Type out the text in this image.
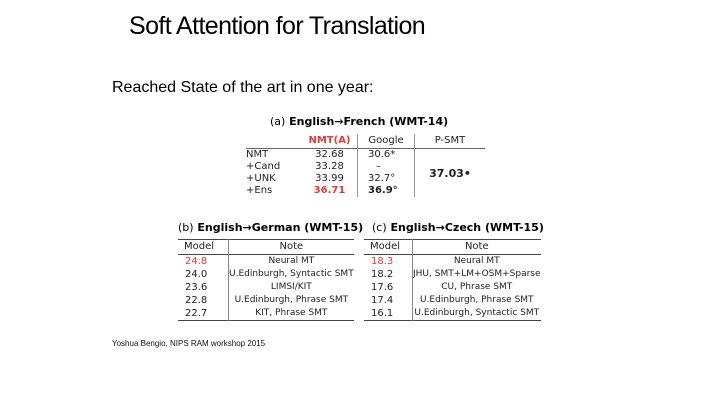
Soft Attention for Translation
Reached State of the art in one year:
(a) English→French (WMT-14)
	NMT(A)	Google	P-SMT
NMT	32.68	30.6*	37.03•
+Cand	33.28	–	
+UNK	33.99	32.7°	
+Ens	36.71	36.9°	
(b) English→German (WMT-15)
Model	Note
24.8	Neural MT
24.0	U.Edinburgh, Syntactic SMT
23.6	LIMSI/KIT
22.8	U.Edinburgh, Phrase SMT
22.7	KIT, Phrase SMT
(c) English→Czech (WMT-15)
Model	Note
18.3	Neural MT
18.2	JHU, SMT+LM+OSM+Sparse
17.6	CU, Phrase SMT
17.4	U.Edinburgh, Phrase SMT
16.1	U.Edinburgh, Syntactic SMT
Yoshua Bengio, NIPS RAM workshop 2015
